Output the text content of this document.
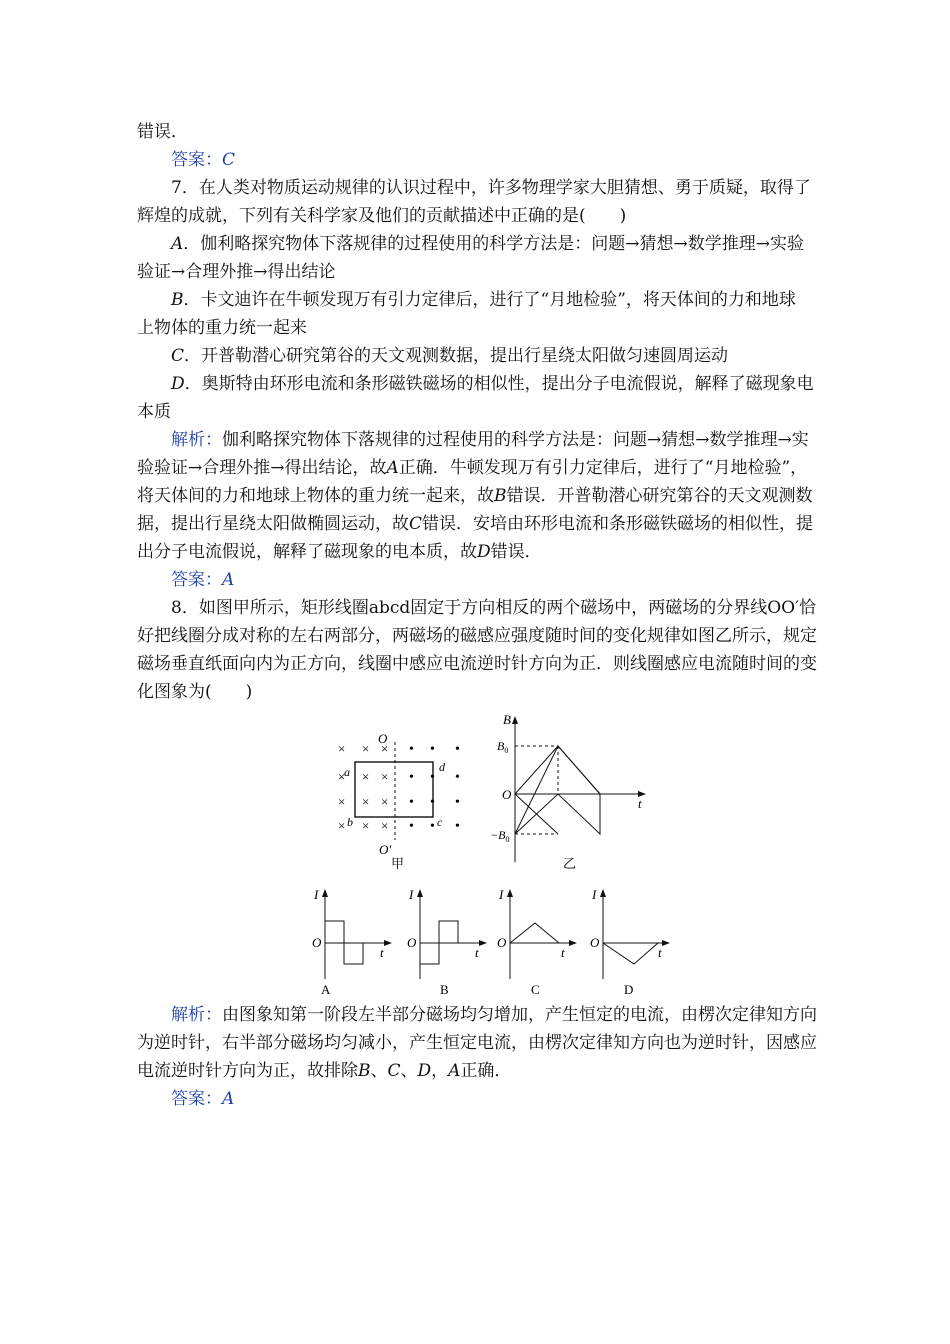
错误．
答案：C
7．在人类对物质运动规律的认识过程中，许多物理学家大胆猜想、勇于质疑，取得了
辉煌的成就，下列有关科学家及他们的贡献描述中正确的是(　　)
A．伽利略探究物体下落规律的过程使用的科学方法是：问题→猜想→数学推理→实验
验证→合理外推→得出结论
B．卡文迪许在牛顿发现万有引力定律后，进行了“月地检验”，将天体间的力和地球
上物体的重力统一起来
C．开普勒潜心研究第谷的天文观测数据，提出行星绕太阳做匀速圆周运动
D．奥斯特由环形电流和条形磁铁磁场的相似性，提出分子电流假说，解释了磁现象电
本质
解析：伽利略探究物体下落规律的过程使用的科学方法是：问题→猜想→数学推理→实
验验证→合理外推→得出结论，故A正确．牛顿发现万有引力定律后，进行了“月地检验”，
将天体间的力和地球上物体的重力统一起来，故B错误．开普勒潜心研究第谷的天文观测数
据，提出行星绕太阳做椭圆运动，故C错误．安培由环形电流和条形磁铁磁场的相似性，提
出分子电流假说，解释了磁现象的电本质，故D错误．
答案：A
8．如图甲所示，矩形线圈abcd固定于方向相反的两个磁场中，两磁场的分界线OO′恰
好把线圈分成对称的左右两部分，两磁场的磁感应强度随时间的变化规律如图乙所示，规定
磁场垂直纸面向内为正方向，线圈中感应电流逆时针方向为正．则线圈感应电流随时间的变
化图象为(　　)
解析：由图象知第一阶段左半部分磁场均匀增加，产生恒定的电流，由楞次定律知方向
为逆时针，右半部分磁场均匀减小，产生恒定电流，由楞次定律知方向也为逆时针，因感应
电流逆时针方向为正，故排除B、C、D，A正确．
答案：A
O
O′
a
b	c
d
× × × • • •
× × × • • •
× × × • • •
× × × • • •
甲
B
$B_0$
$-B_0$
O
t
乙
I
O
t
A
I
O
t
B
I
O
t
C
I
O
t
D
